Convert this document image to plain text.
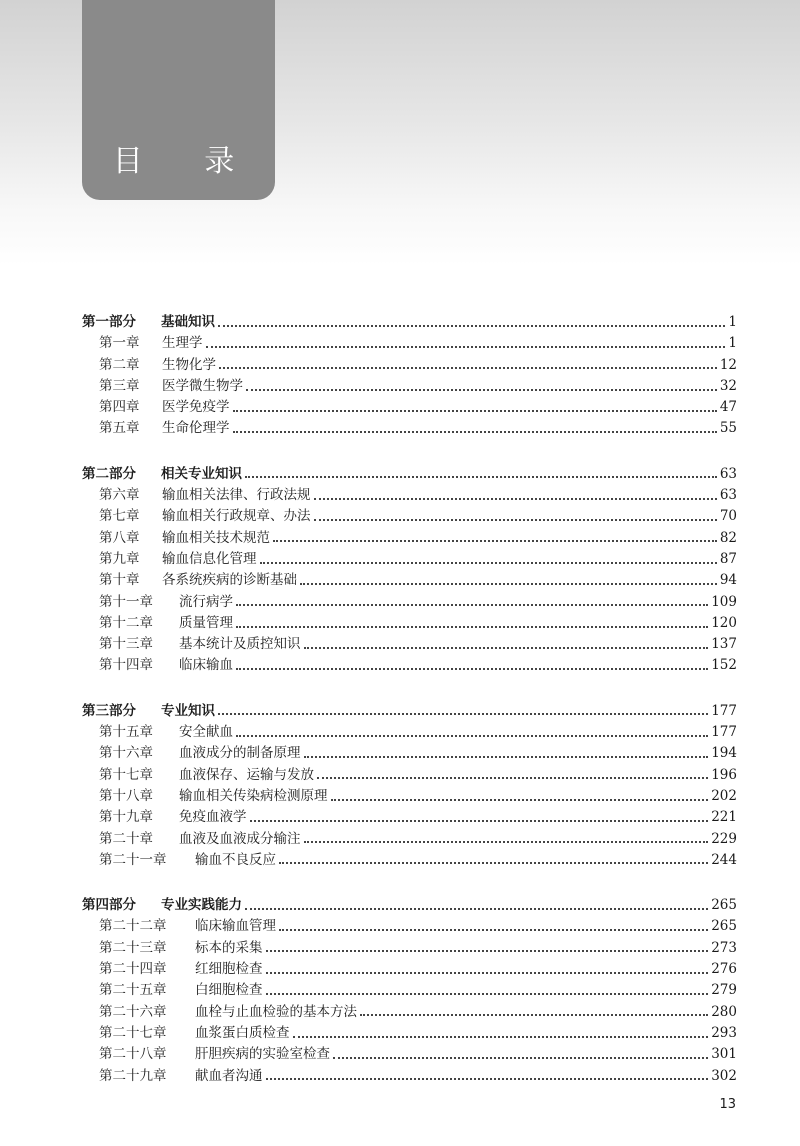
目 录
第一部分	基础知识	1
第一章	生理学	1
第二章	生物化学	12
第三章	医学微生物学	32
第四章	医学免疫学	47
第五章	生命伦理学	55
第二部分	相关专业知识	63
第六章	输血相关法律、行政法规	63
第七章	输血相关行政规章、办法	70
第八章	输血相关技术规范	82
第九章	输血信息化管理	87
第十章	各系统疾病的诊断基础	94
第十一章	流行病学	109
第十二章	质量管理	120
第十三章	基本统计及质控知识	137
第十四章	临床输血	152
第三部分	专业知识	177
第十五章	安全献血	177
第十六章	血液成分的制备原理	194
第十七章	血液保存、运输与发放	196
第十八章	输血相关传染病检测原理	202
第十九章	免疫血液学	221
第二十章	血液及血液成分输注	229
第二十一章	输血不良反应	244
第四部分	专业实践能力	265
第二十二章	临床输血管理	265
第二十三章	标本的采集	273
第二十四章	红细胞检查	276
第二十五章	白细胞检查	279
第二十六章	血栓与止血检验的基本方法	280
第二十七章	血浆蛋白质检查	293
第二十八章	肝胆疾病的实验室检查	301
第二十九章	献血者沟通	302
13
